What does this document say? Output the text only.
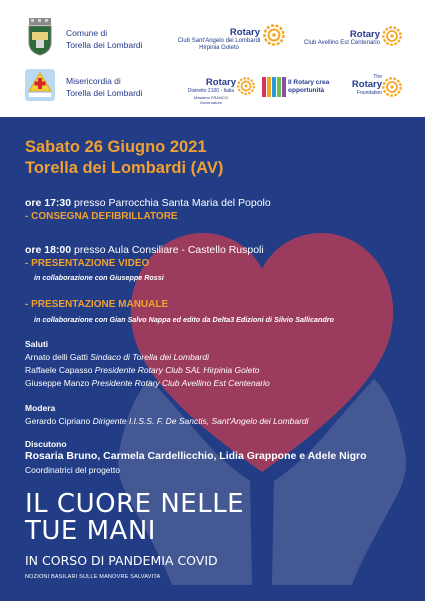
Comune di
Torella dei Lombardi
Misericordia di
Torella dei Lombardi
Rotary
Club Sant'Angelo dei Lombardi
Hirpinia Goleto
Rotary
Club Avellino Est Centenario
Rotary
Distretto 2100 - Italia
Massimo FRANCO Governatore
Il Rotary crea
opportunità
The
Rotary
Foundation
Sabato 26 Giugno 2021
Torella dei Lombardi (AV)
ore 17:30 presso Parrocchia Santa Maria del Popolo
- CONSEGNA DEFIBRILLATORE
ore 18:00 presso Aula Consiliare - Castello Ruspoli
- PRESENTAZIONE VIDEO
in collaborazione con Giuseppe Rossi
- PRESENTAZIONE MANUALE
in collaborazione con Gian Salvo Nappa ed edito da Delta3 Edizioni di Silvio Sallicandro
Saluti
Arnato delli Gatti Sindaco di Torella dei Lombardi
Raffaele Capasso Presidente Rotary Club SAL Hirpinia Goleto
Giuseppe Manzo Presidente Rotary Club Avellino Est Centenario
Modera
Gerardo Cipriano Dirigente I.I.S.S. F. De Sanctis, Sant'Angelo dei Lombardi
Discutono
Rosaria Bruno, Carmela Cardellicchio, Lidia Grappone e Adele Nigro
Coordinatrici del progetto
IL CUORE NELLE
TUE MANI
IN CORSO DI PANDEMIA COVID
NOZIONI BASILARI SULLE MANOVRE SALVAVITA
